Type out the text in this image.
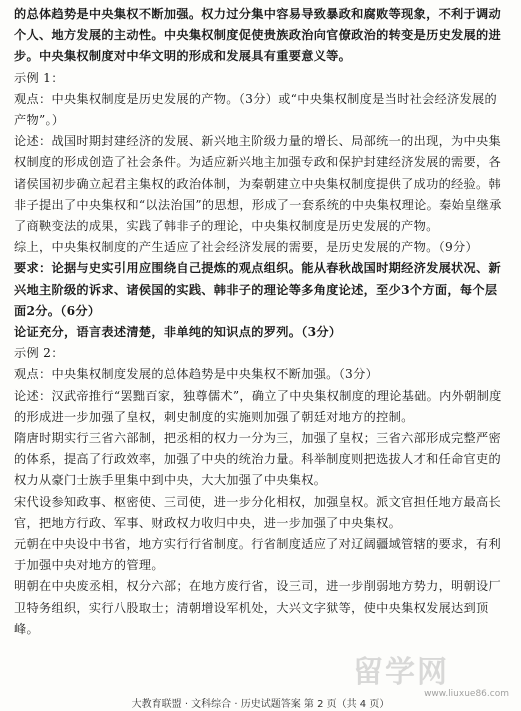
的总体趋势是中央集权不断加强。权力过分集中容易导致暴政和腐败等现象，不利于调动个人、地方发展的主动性。中央集权制度促使贵族政治向官僚政治的转变是历史发展的进步。中央集权制度对中华文明的形成和发展具有重要意义等。

示例 1：

观点：中央集权制度是历史发展的产物。（3分）或“中央集权制度是当时社会经济发展的产物”。）

论述：战国时期封建经济的发展、新兴地主阶级力量的增长、局部统一的出现，为中央集权制度的形成创造了社会条件。为适应新兴地主加强专政和保护封建经济发展的需要，各诸侯国初步确立起君主集权的政治体制，为秦朝建立中央集权制度提供了成功的经验。韩非子提出了中央集权和“以法治国”的思想，形成了一套系统的中央集权理论。秦始皇继承了商鞅变法的成果，实践了韩非子的理论，中央集权制度是历史发展的产物。

综上，中央集权制度的产生适应了社会经济发展的需要，是历史发展的产物。（9分）

要求：论据与史实引用应围绕自己提炼的观点组织。能从春秋战国时期经济发展状况、新兴地主阶级的诉求、诸侯国的实践、韩非子的理论等多角度论述，至少3个方面，每个层面2分。（6分）

论证充分，语言表述清楚，非单纯的知识点的罗列。（3分）

示例 2：

观点：中央集权制度发展的总体趋势是中央集权不断加强。（3分）

论述：汉武帝推行“罢黜百家，独尊儒术”，确立了中央集权制度的理论基础。内外朝制度的形成进一步加强了皇权，刺史制度的实施则加强了朝廷对地方的控制。

隋唐时期实行三省六部制，把丞相的权力一分为三，加强了皇权；三省六部形成完整严密的体系，提高了行政效率，加强了中央的统治力量。科举制度则把选拔人才和任命官吏的权力从豪门士族手里集中到中央，大大加强了中央集权。

宋代设参知政事、枢密使、三司使，进一步分化相权，加强皇权。派文官担任地方最高长官，把地方行政、军事、财政权力收归中央，进一步加强了中央集权。

元朝在中央设中书省，地方实行行省制度。行省制度适应了对辽阔疆域管辖的要求，有利于加强中央对地方的管理。

明朝在中央废丞相，权分六部；在地方废行省，设三司，进一步削弱地方势力，明朝设厂卫特务组织，实行八股取士；清朝增设军机处，大兴文字狱等，使中央集权发展达到顶峰。

留学网
www.liuxue86.com
大教育联盟 · 文科综合 · 历史试题答案 第 2 页（共 4 页）
